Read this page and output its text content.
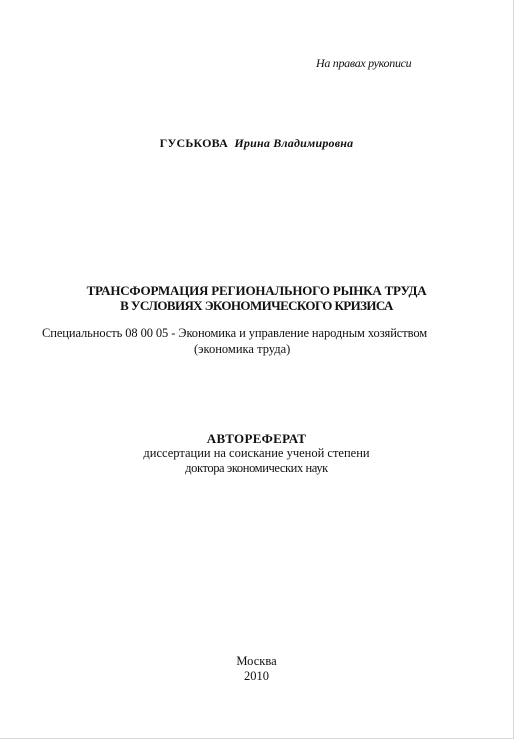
На правах рукописи
ГУСЬКОВА Ирина Владимировна
ТРАНСФОРМАЦИЯ РЕГИОНАЛЬНОГО РЫНКА ТРУДА
В УСЛОВИЯХ ЭКОНОМИЧЕСКОГО КРИЗИСА
Специальность 08 00 05 - Экономика и управление народным хозяйством
(экономика труда)
АВТОРЕФЕРАТ
диссертации на соискание ученой степени
доктора экономических наук
Москва
2010
